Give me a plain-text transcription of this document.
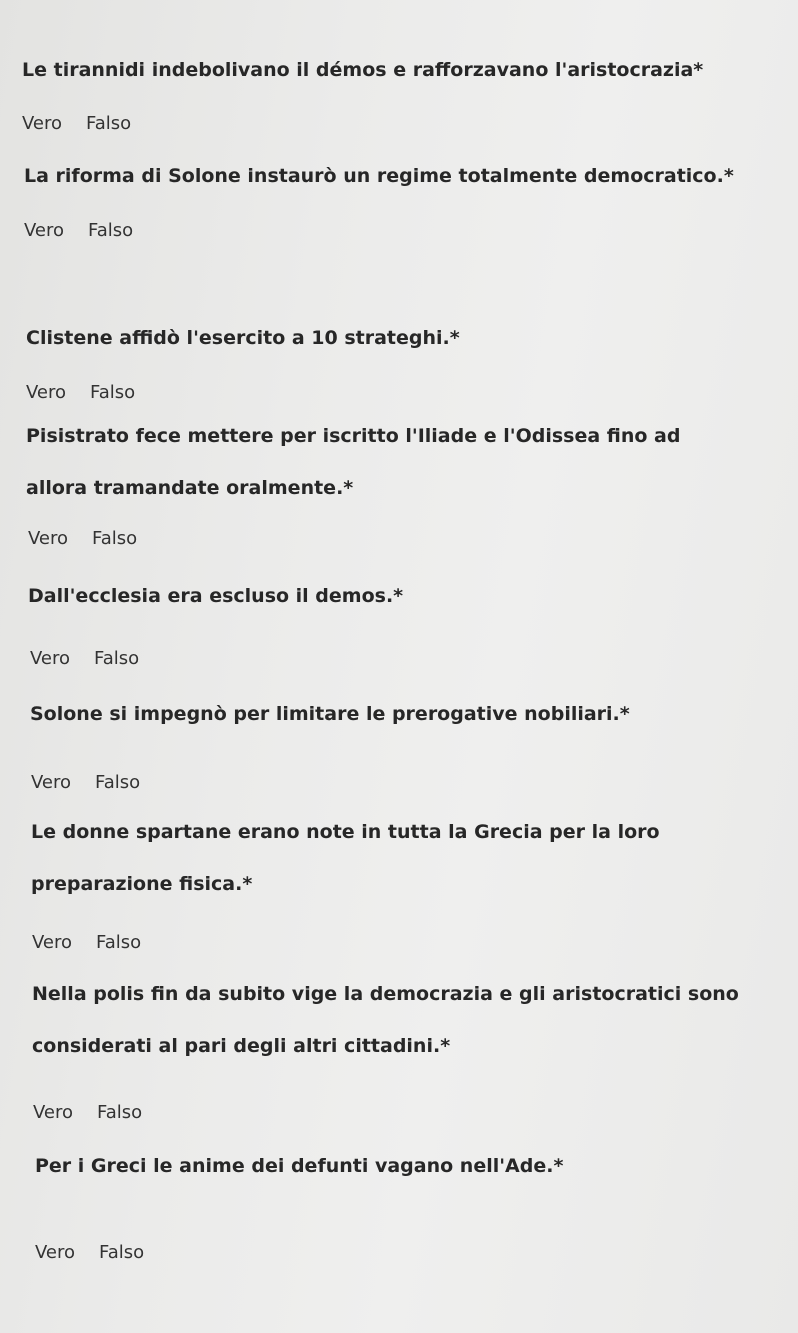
Le tirannidi indebolivano il démos e rafforzavano l'aristocrazia*
Vero Falso
La riforma di Solone instaurò un regime totalmente democratico.*
Vero Falso
Clistene affidò l'esercito a 10 strateghi.*
Vero Falso
Pisistrato fece mettere per iscritto l'Iliade e l'Odissea fino ad allora tramandate oralmente.*
Vero Falso
Dall'ecclesia era escluso il demos.*
Vero Falso
Solone si impegnò per limitare le prerogative nobiliari.*
Vero Falso
Le donne spartane erano note in tutta la Grecia per la loro preparazione fisica.*
Vero Falso
Nella polis fin da subito vige la democrazia e gli aristocratici sono considerati al pari degli altri cittadini.*
Vero Falso
Per i Greci le anime dei defunti vagano nell'Ade.*
Vero Falso
